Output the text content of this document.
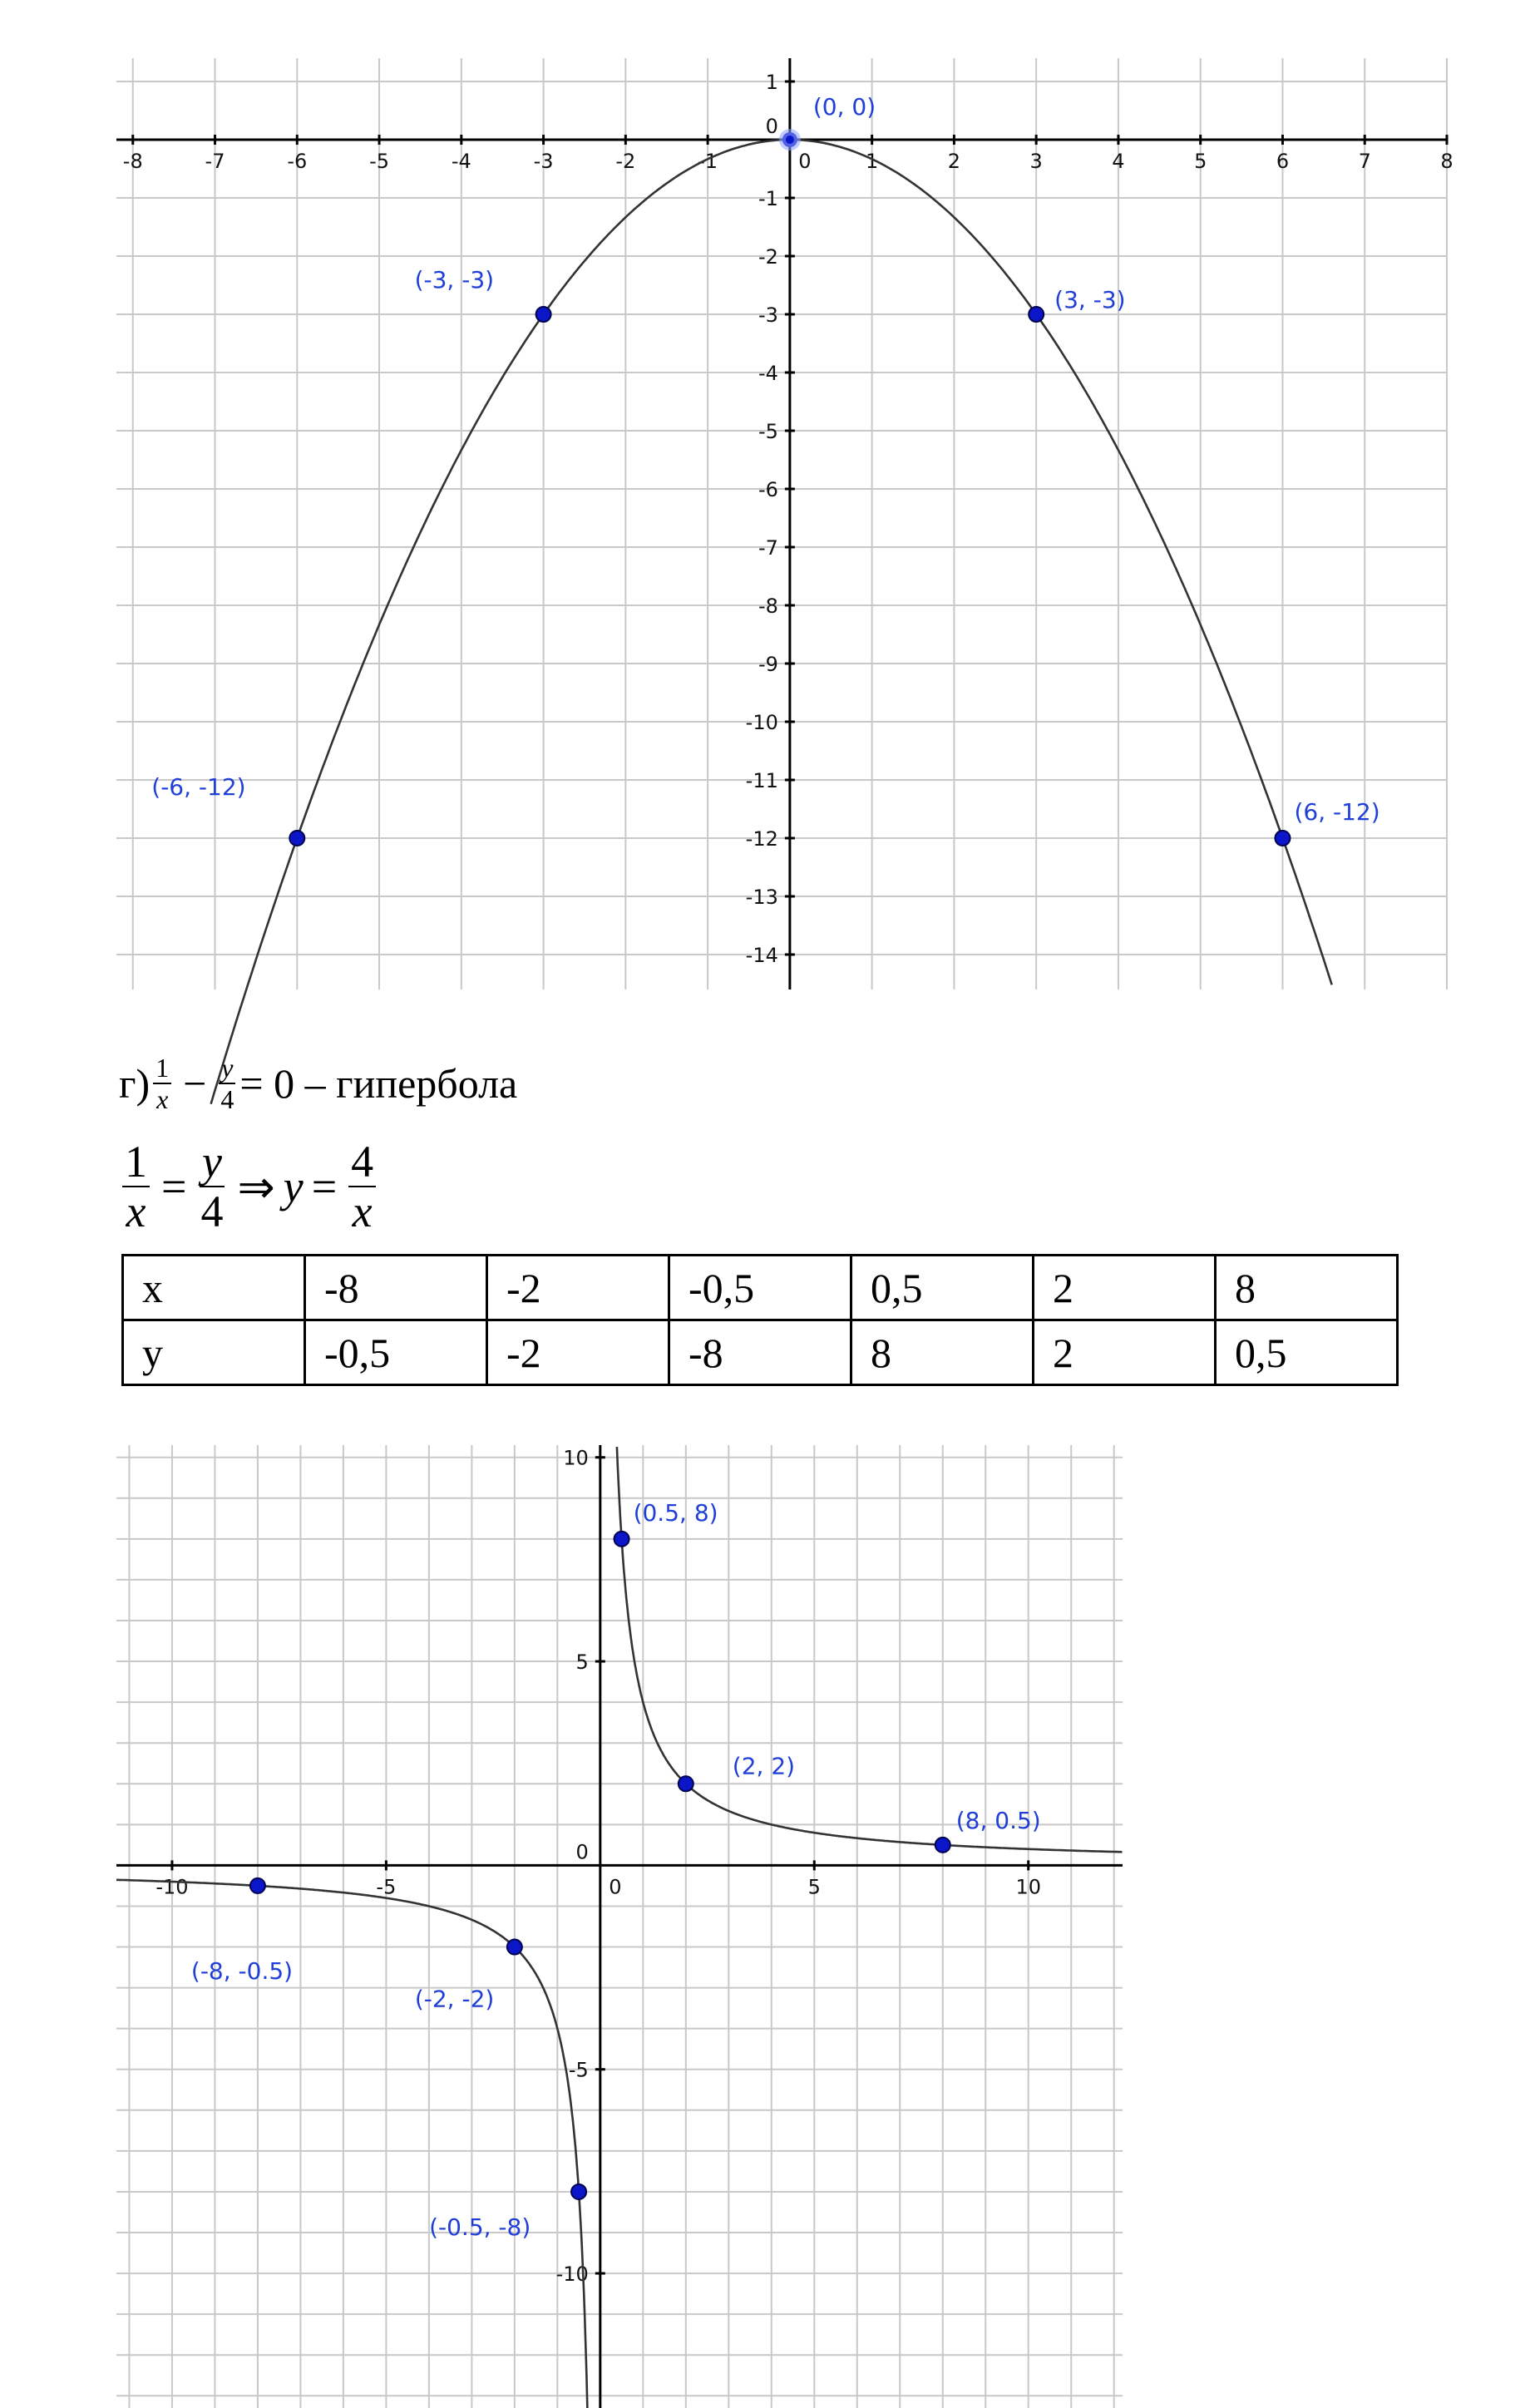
-8	-7	-6	-5	-4	-3	-2	-1	0	1	2	3	4	5	6	7	8
1
0
-1
-2
-3
-4
-5
-6
-7
-8
-9
-10
-11
-12
-13
-14
(0, 0)
(-3, -3)
(3, -3)
(-6, -12)
(6, -12)
$г) \frac{1}{x} - \frac{y}{4} = 0$ – гипербола
$\frac{1}{x} = \frac{y}{4}$ ⇒ $y = \frac{4}{x}$
x	-8	-2	-0,5	0,5	2	8
y	-0,5	-2	-8	8	2	0,5
-10	-5	0	5	10
10
5
0
-5
-10
(0.5, 8)
(2, 2)
(8, 0.5)
(-8, -0.5)
(-2, -2)
(-0.5, -8)
